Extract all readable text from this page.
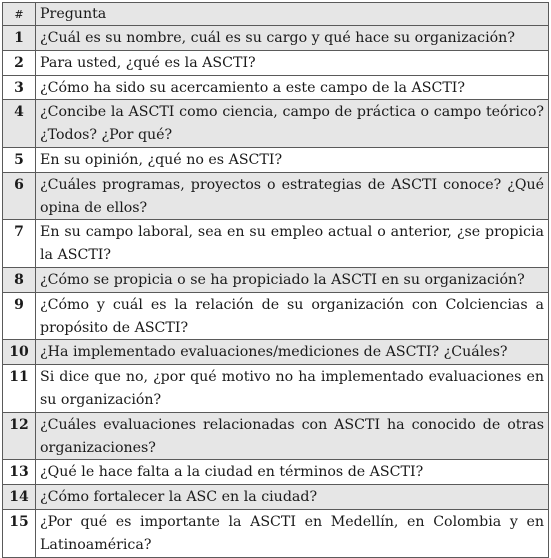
#	Pregunta
1	¿Cuál es su nombre, cuál es su cargo y qué hace su organización?
2	Para usted, ¿qué es la ASCTI?
3	¿Cómo ha sido su acercamiento a este campo de la ASCTI?
4	¿Concibe la ASCTI como ciencia, campo de práctica o campo teórico? ¿Todos? ¿Por qué?
5	En su opinión, ¿qué no es ASCTI?
6	¿Cuáles programas, proyectos o estrategias de ASCTI conoce? ¿Qué opina de ellos?
7	En su campo laboral, sea en su empleo actual o anterior, ¿se propicia la ASCTI?
8	¿Cómo se propicia o se ha propiciado la ASCTI en su organización?
9	¿Cómo y cuál es la relación de su organización con Colciencias a propósito de ASCTI?
10	¿Ha implementado evaluaciones/mediciones de ASCTI? ¿Cuáles?
11	Si dice que no, ¿por qué motivo no ha implementado evaluaciones en su organización?
12	¿Cuáles evaluaciones relacionadas con ASCTI ha conocido de otras organizaciones?
13	¿Qué le hace falta a la ciudad en términos de ASCTI?
14	¿Cómo fortalecer la ASC en la ciudad?
15	¿Por qué es importante la ASCTI en Medellín, en Colombia y en Latinoamérica?
